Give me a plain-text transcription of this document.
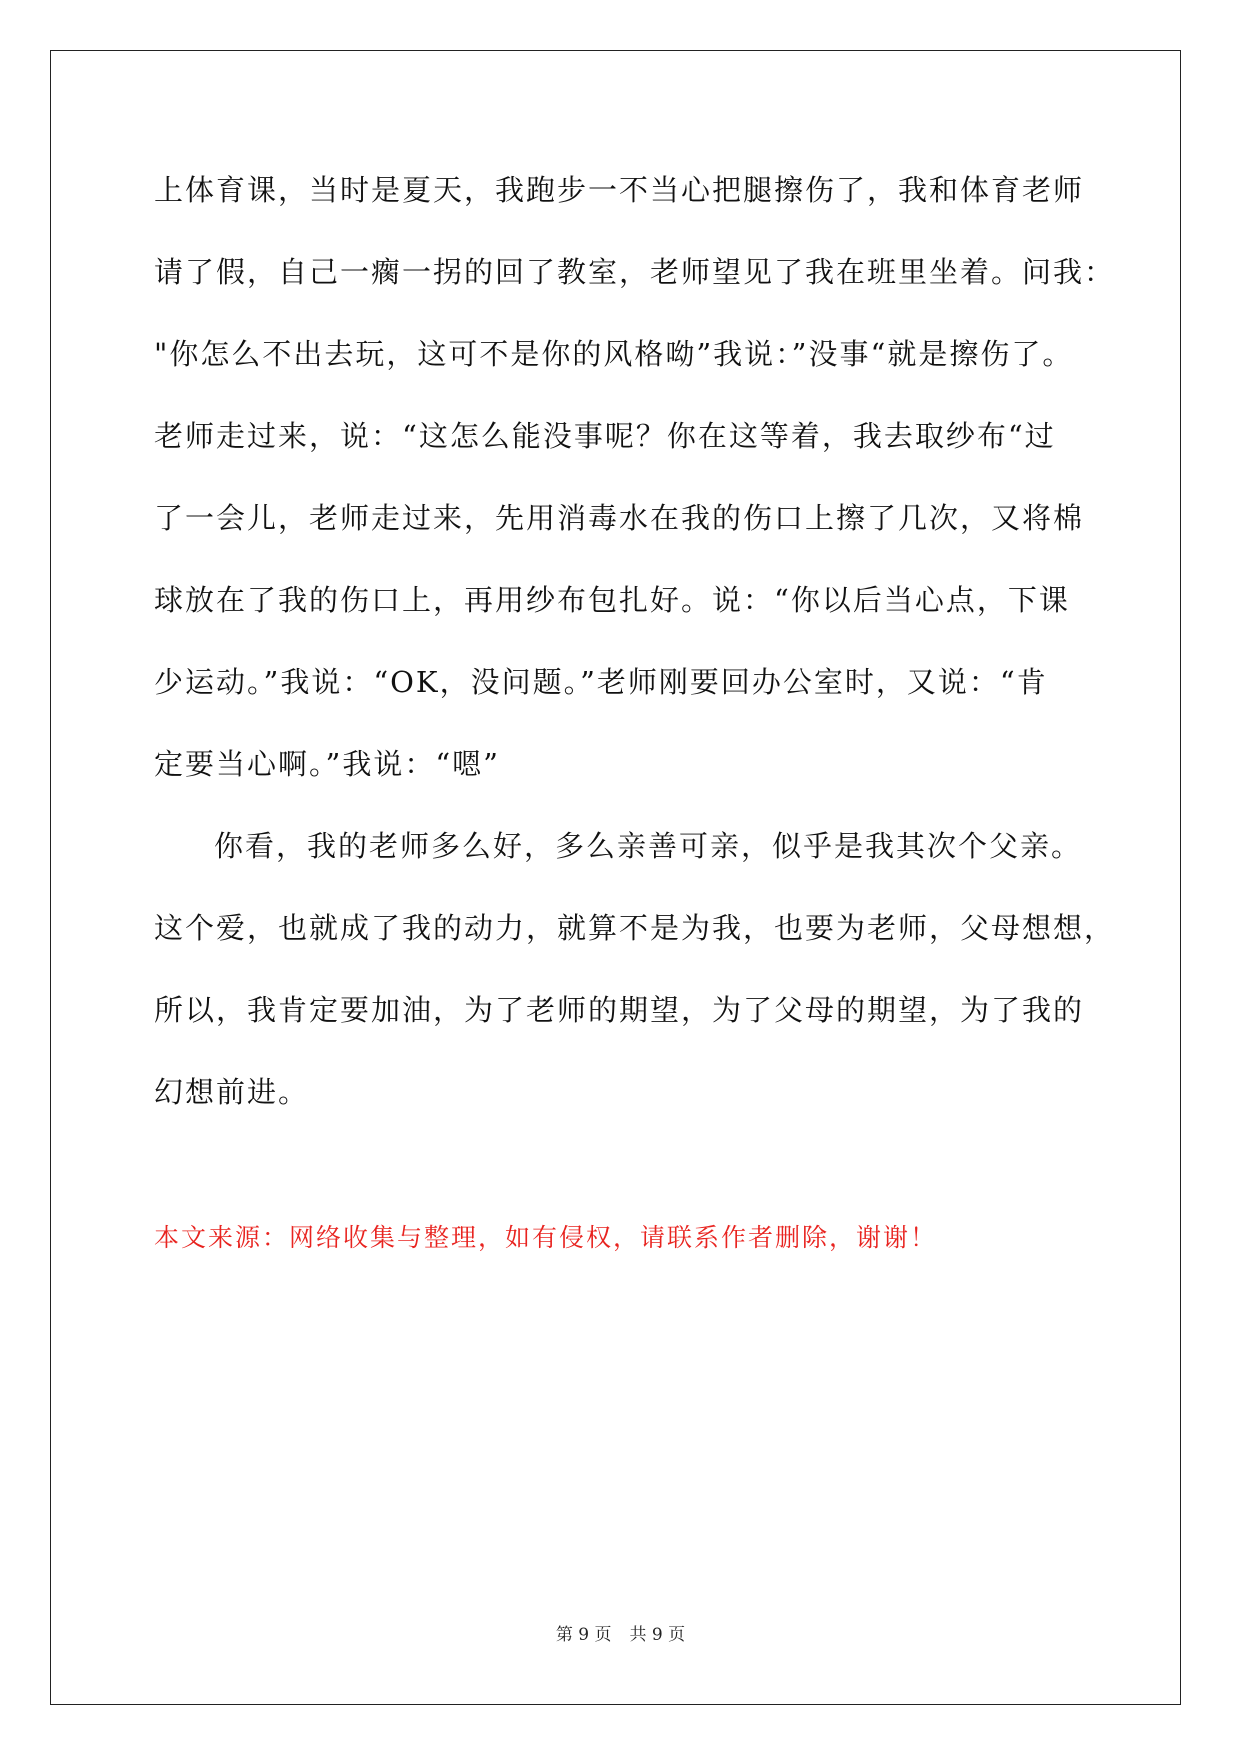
上体育课，当时是夏天，我跑步一不当心把腿擦伤了，我和体育老师
请了假，自己一瘸一拐的回了教室，老师望见了我在班里坐着。问我：
"你怎么不出去玩，这可不是你的风格呦”我说：”没事“就是擦伤了。
老师走过来，说：“这怎么能没事呢？你在这等着，我去取纱布“过
了一会儿，老师走过来，先用消毒水在我的伤口上擦了几次，又将棉
球放在了我的伤口上，再用纱布包扎好。说：“你以后当心点，下课
少运动。”我说：“OK，没问题。”老师刚要回办公室时，又说：“肯
定要当心啊。”我说：“嗯”
你看，我的老师多么好，多么亲善可亲，似乎是我其次个父亲。
这个爱，也就成了我的动力，就算不是为我，也要为老师，父母想想，
所以，我肯定要加油，为了老师的期望，为了父母的期望，为了我的
幻想前进。
本文来源：网络收集与整理，如有侵权，请联系作者删除，谢谢！
第 9 页 共 9 页
